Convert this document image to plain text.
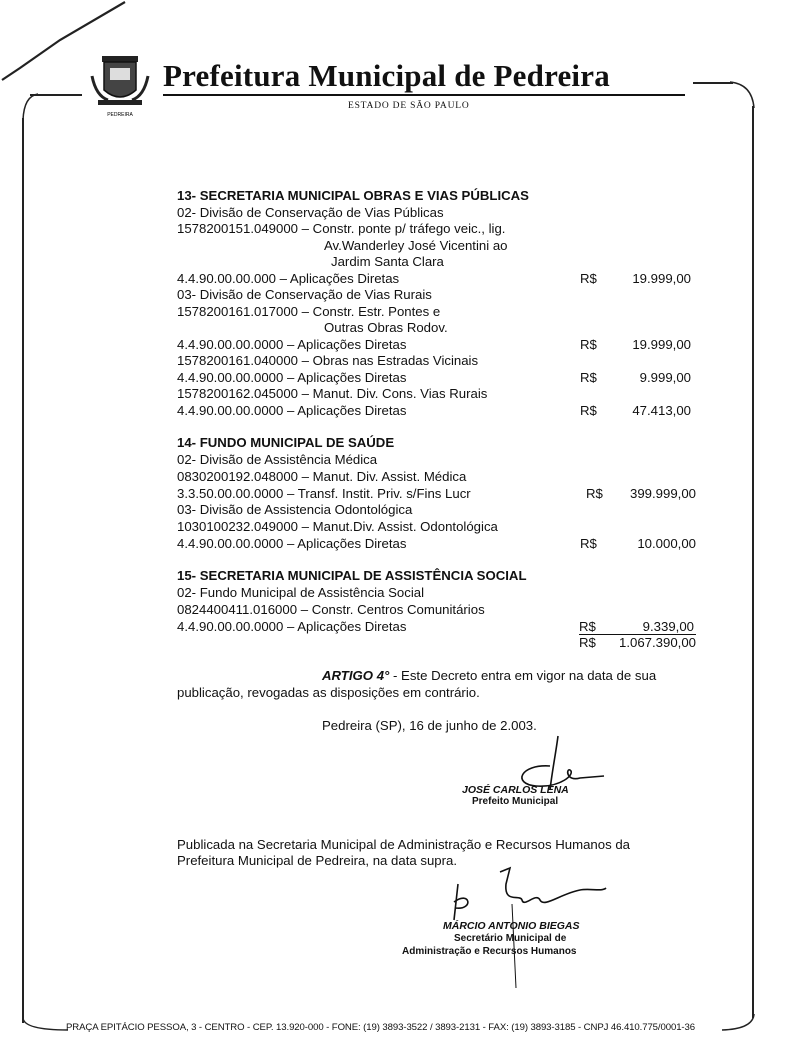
PEDREIRA
Prefeitura Municipal de Pedreira
ESTADO DE SÃO PAULO
13- SECRETARIA MUNICIPAL OBRAS E VIAS PÚBLICAS
02- Divisão de Conservação de Vias Públicas
1578200151.049000 – Constr. ponte p/ tráfego veic., lig.
Av.Wanderley José Vicentini ao
Jardim Santa Clara
4.4.90.00.00.000 – Aplicações Diretas	R$	19.999,00
03- Divisão de Conservação de Vias Rurais
1578200161.017000 – Constr. Estr. Pontes e
Outras Obras Rodov.
4.4.90.00.00.0000 – Aplicações Diretas	R$	19.999,00
1578200161.040000 – Obras nas Estradas Vicinais
4.4.90.00.00.0000 – Aplicações Diretas	R$	9.999,00
1578200162.045000 – Manut. Div. Cons. Vias Rurais
4.4.90.00.00.0000 – Aplicações Diretas	R$	47.413,00
14- FUNDO MUNICIPAL DE SAÚDE
02- Divisão de Assistência Médica
0830200192.048000 – Manut. Div. Assist. Médica
3.3.50.00.00.0000 – Transf. Instit. Priv. s/Fins Lucr	R$	399.999,00
03- Divisão de Assistencia Odontológica
1030100232.049000 – Manut.Div. Assist. Odontológica
4.4.90.00.00.0000 – Aplicações Diretas	R$	10.000,00
15- SECRETARIA MUNICIPAL DE ASSISTÊNCIA SOCIAL
02- Fundo Municipal de Assistência Social
0824400411.016000 – Constr. Centros Comunitários
4.4.90.00.00.0000 – Aplicações Diretas	R$	9.339,00
R$	1.067.390,00
ARTIGO 4° - Este Decreto entra em vigor na data de sua
publicação, revogadas as disposições em contrário.
Pedreira (SP), 16 de junho de 2.003.
JOSÉ CARLOS LENA
Prefeito Municipal
Publicada na Secretaria Municipal de Administração e Recursos Humanos da
Prefeitura Municipal de Pedreira, na data supra.
MÁRCIO ANTONIO BIEGAS
Secretário Municipal de
Administração e Recursos Humanos
PRAÇA EPITÁCIO PESSOA, 3 - CENTRO - CEP. 13.920-000 - FONE: (19) 3893-3522 / 3893-2131 - FAX: (19) 3893-3185 - CNPJ 46.410.775/0001-36
